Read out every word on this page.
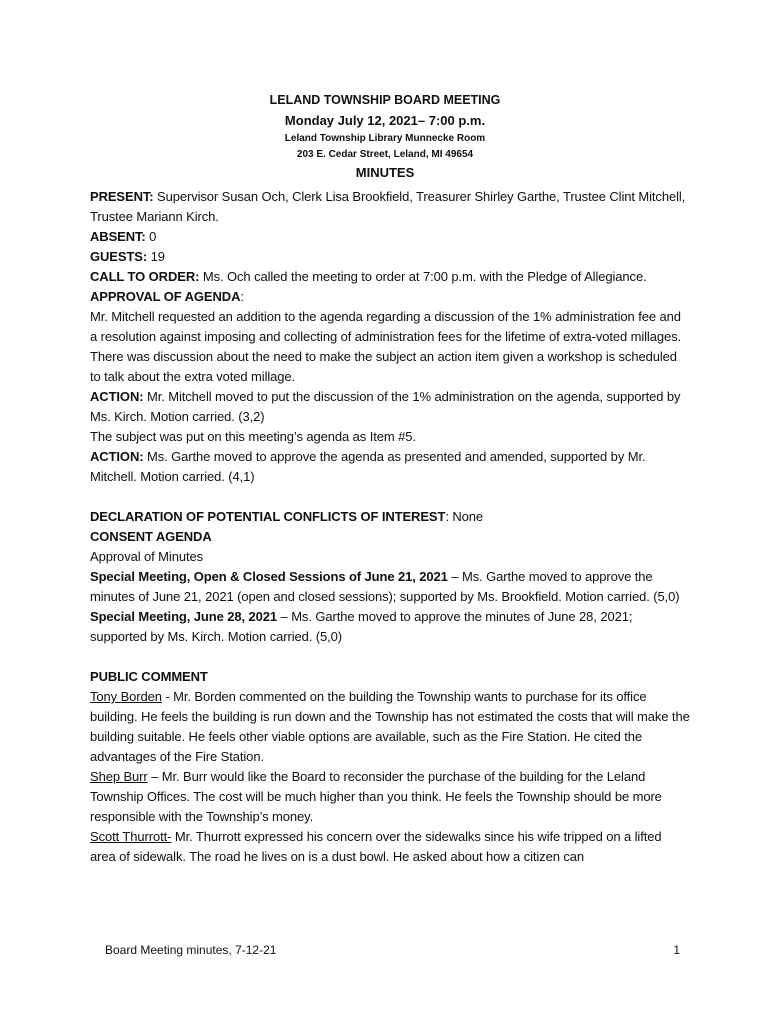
LELAND TOWNSHIP BOARD MEETING
Monday July 12, 2021– 7:00 p.m.
Leland Township Library Munnecke Room
203 E. Cedar Street, Leland, MI 49654
MINUTES

PRESENT: Supervisor Susan Och, Clerk Lisa Brookfield, Treasurer Shirley Garthe, Trustee Clint Mitchell, Trustee Mariann Kirch.

ABSENT: 0

GUESTS: 19

CALL TO ORDER: Ms. Och called the meeting to order at 7:00 p.m. with the Pledge of Allegiance.

APPROVAL OF AGENDA:

Mr. Mitchell requested an addition to the agenda regarding a discussion of the 1% administration fee and a resolution against imposing and collecting of administration fees for the lifetime of extra-voted millages. There was discussion about the need to make the subject an action item given a workshop is scheduled to talk about the extra voted millage.

ACTION: Mr. Mitchell moved to put the discussion of the 1% administration on the agenda, supported by Ms. Kirch. Motion carried. (3,2)

The subject was put on this meeting’s agenda as Item #5.

ACTION: Ms. Garthe moved to approve the agenda as presented and amended, supported by Mr. Mitchell. Motion carried. (4,1)

DECLARATION OF POTENTIAL CONFLICTS OF INTEREST: None

CONSENT AGENDA

Approval of Minutes

Special Meeting, Open & Closed Sessions of June 21, 2021 – Ms. Garthe moved to approve the minutes of June 21, 2021 (open and closed sessions); supported by Ms. Brookfield. Motion carried. (5,0)

Special Meeting, June 28, 2021 – Ms. Garthe moved to approve the minutes of June 28, 2021; supported by Ms. Kirch. Motion carried. (5,0)

PUBLIC COMMENT

Tony Borden - Mr. Borden commented on the building the Township wants to purchase for its office building. He feels the building is run down and the Township has not estimated the costs that will make the building suitable. He feels other viable options are available, such as the Fire Station. He cited the advantages of the Fire Station.

Shep Burr – Mr. Burr would like the Board to reconsider the purchase of the building for the Leland Township Offices. The cost will be much higher than you think. He feels the Township should be more responsible with the Township’s money.

Scott Thurrott- Mr. Thurrott expressed his concern over the sidewalks since his wife tripped on a lifted area of sidewalk. The road he lives on is a dust bowl. He asked about how a citizen can

Board Meeting minutes, 7-12-21	1
